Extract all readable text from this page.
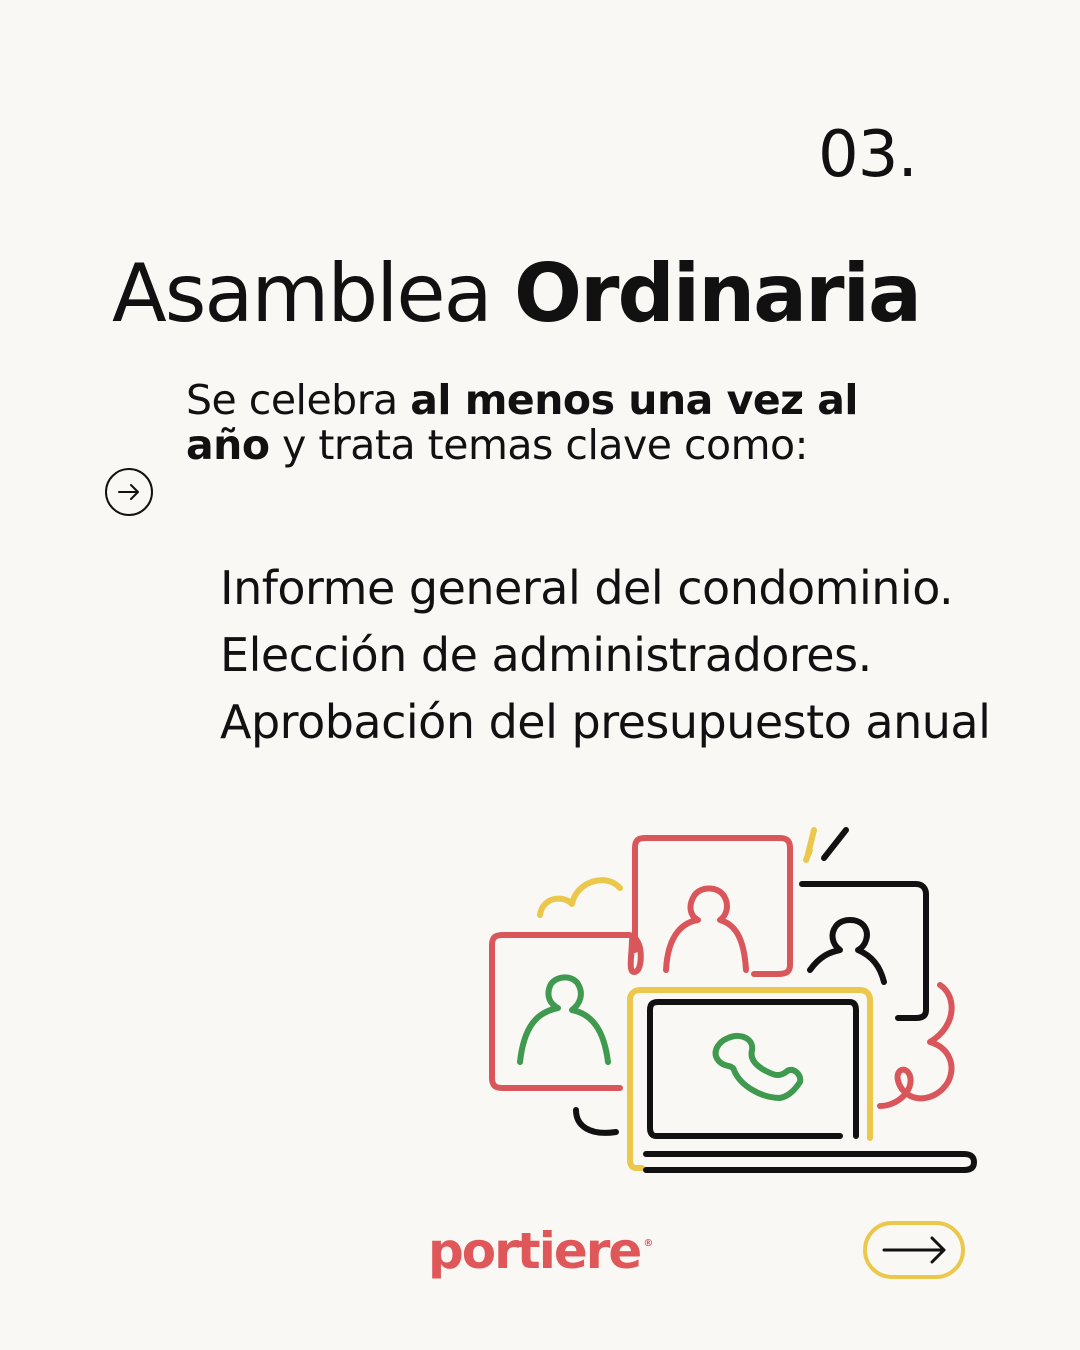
03.
Asamblea Ordinaria
Se celebra al menos una vez al año y trata temas clave como:
Informe general del condominio.
Elección de administradores.
Aprobación del presupuesto anual
portiere ®
